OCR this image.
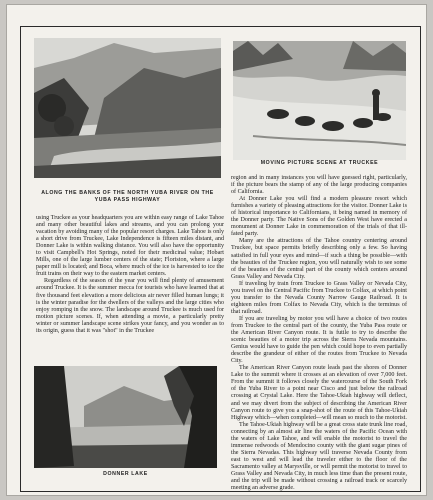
ALONG THE BANKS OF THE NORTH YUBA RIVER ON THE YUBA PASS HIGHWAY
MOVING PICTURE SCENE AT TRUCKEE
DONNER LAKE

using Truckee as your headquarters you are within easy range of Lake Tahoe and many other beautiful lakes and streams, and you can prolong your vacation by avoiding many of the popular resort charges. Lake Tahoe is only a short drive from Truckee, Lake Independence is fifteen miles distant, and Donner Lake is within walking distance. You will also have the opportunity to visit Campbell's Hot Springs, noted for their medicinal value; Hobart Mills, one of the large lumber centers of the state; Floriston, where a large paper mill is located; and Boca, where much of the ice is harvested to ice the fruit trains on their way to the eastern market centers.

Regardless of the season of the year you will find plenty of amusement around Truckee. It is the summer mecca for tourists who have learned that at five thousand feet elevation a more delicious air never filled human lungs; it is the winter paradise for the dwellers of the valleys and the large cities who enjoy romping in the snow. The landscape around Truckee is much used for motion picture scenes. If, when attending a movie, a particularly pretty winter or summer landscape scene strikes your fancy, and you wonder as to its origin, guess that it was "shot" in the Truckee

region and in many instances you will have guessed right, particularly, if the picture bears the stamp of any of the large producing companies of California.

At Donner Lake you will find a modern pleasure resort which furnishes a variety of pleasing attractions for the visitor. Donner Lake is of historical importance to Californians, it being named in memory of the Donner party. The Native Sons of the Golden West have erected a monument at Donner Lake in commemoration of the trials of that ill-fated party.

Many are the attractions of the Tahoe country centering around Truckee, but space permits briefly describing only a few. So having satisfied in full your eyes and mind—if such a thing be possible—with the beauties of the Truckee region, you will naturally wish to see some of the beauties of the central part of the county which centers around Grass Valley and Nevada City.

If traveling by train from Truckee to Grass Valley or Nevada City, you travel on the Central Pacific from Truckee to Colfax, at which point you transfer to the Nevada County Narrow Gauge Railroad. It is eighteen miles from Colfax to Nevada City, which is the terminus of that railroad.

If you are traveling by motor you will have a choice of two routes from Truckee to the central part of the county, the Yuba Pass route or the American River Canyon route. It is futile to try to describe the scenic beauties of a motor trip across the Sierra Nevada mountains. Genius would have to guide the pen which could hope to even partially describe the grandeur of either of the routes from Truckee to Nevada City.

The American River Canyon route leads past the shores of Donner Lake to the summit where it crosses at an elevation of over 7,000 feet. From the summit it follows closely the watercourse of the South Fork of the Yuba River to a point near Cisco and just below the railroad crossing at Crystal Lake. Here the Tahoe-Ukiah highway will deflect, and we may divert from the subject of describing the American River Canyon route to give you a snap-shot of the route of this Tahoe-Ukiah Highway which—when completed—will mean so much to the motorist.

The Tahoe-Ukiah highway will be a great cross state trunk line road, connecting by an almost air line the waters of the Pacific Ocean with the waters of Lake Tahoe, and will enable the motorist to travel the immense redwoods of Mendocino county with the giant sugar pines of the Sierra Nevadas. This highway will traverse Nevada County from east to west and will lead the traveler either to the floor of the Sacramento valley at Marysville, or will permit the motorist to travel to Grass Valley and Nevada City, in much less time than the present route, and the trip will be made without crossing a railroad track or scarcely meeting an adverse grade.
